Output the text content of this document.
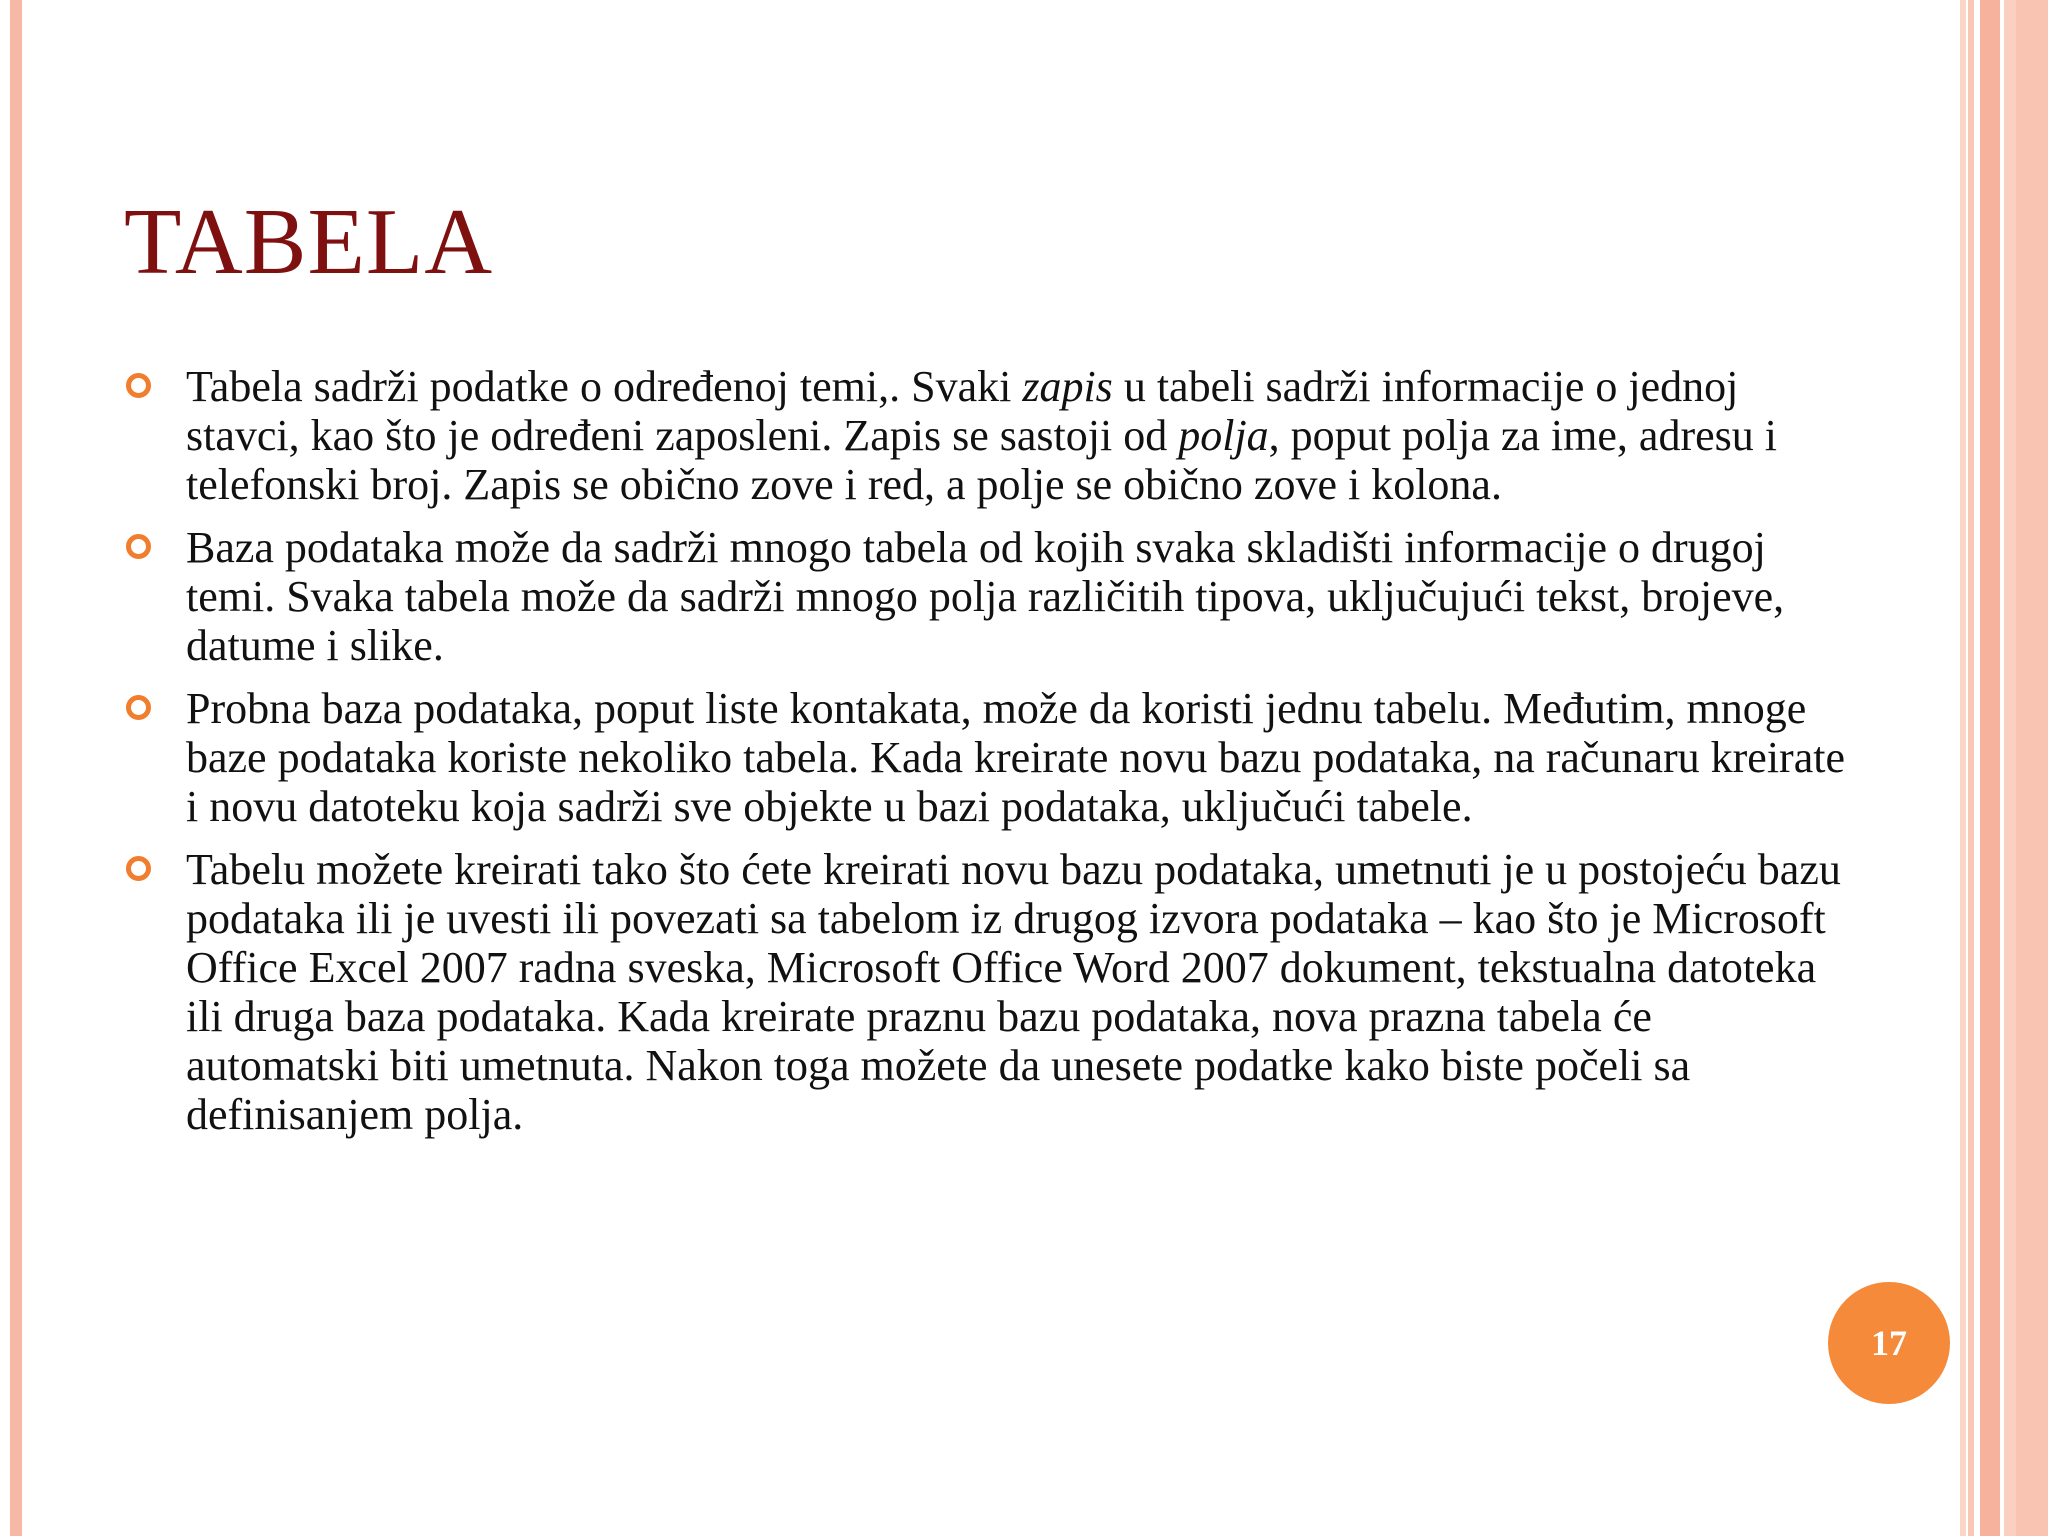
TABELA
Tabela sadrži podatke o određenoj temi,. Svaki zapis u tabeli sadrži informacije o jednoj stavci, kao što je određeni zaposleni. Zapis se sastoji od polja, poput polja za ime, adresu i telefonski broj. Zapis se obično zove i red, a polje se obično zove i kolona.
Baza podataka može da sadrži mnogo tabela od kojih svaka skladišti informacije o drugoj temi. Svaka tabela može da sadrži mnogo polja različitih tipova, uključujući tekst, brojeve, datume i slike.
Probna baza podataka, poput liste kontakata, može da koristi jednu tabelu. Međutim, mnoge baze podataka koriste nekoliko tabela. Kada kreirate novu bazu podataka, na računaru kreirate i novu datoteku koja sadrži sve objekte u bazi podataka, uključući tabele.
Tabelu možete kreirati tako što ćete kreirati novu bazu podataka, umetnuti je u postojeću bazu podataka ili je uvesti ili povezati sa tabelom iz drugog izvora podataka – kao što je Microsoft Office Excel 2007 radna sveska, Microsoft Office Word 2007 dokument, tekstualna datoteka ili druga baza podataka. Kada kreirate praznu bazu podataka, nova prazna tabela će automatski biti umetnuta. Nakon toga možete da unesete podatke kako biste počeli sa definisanjem polja.
17
